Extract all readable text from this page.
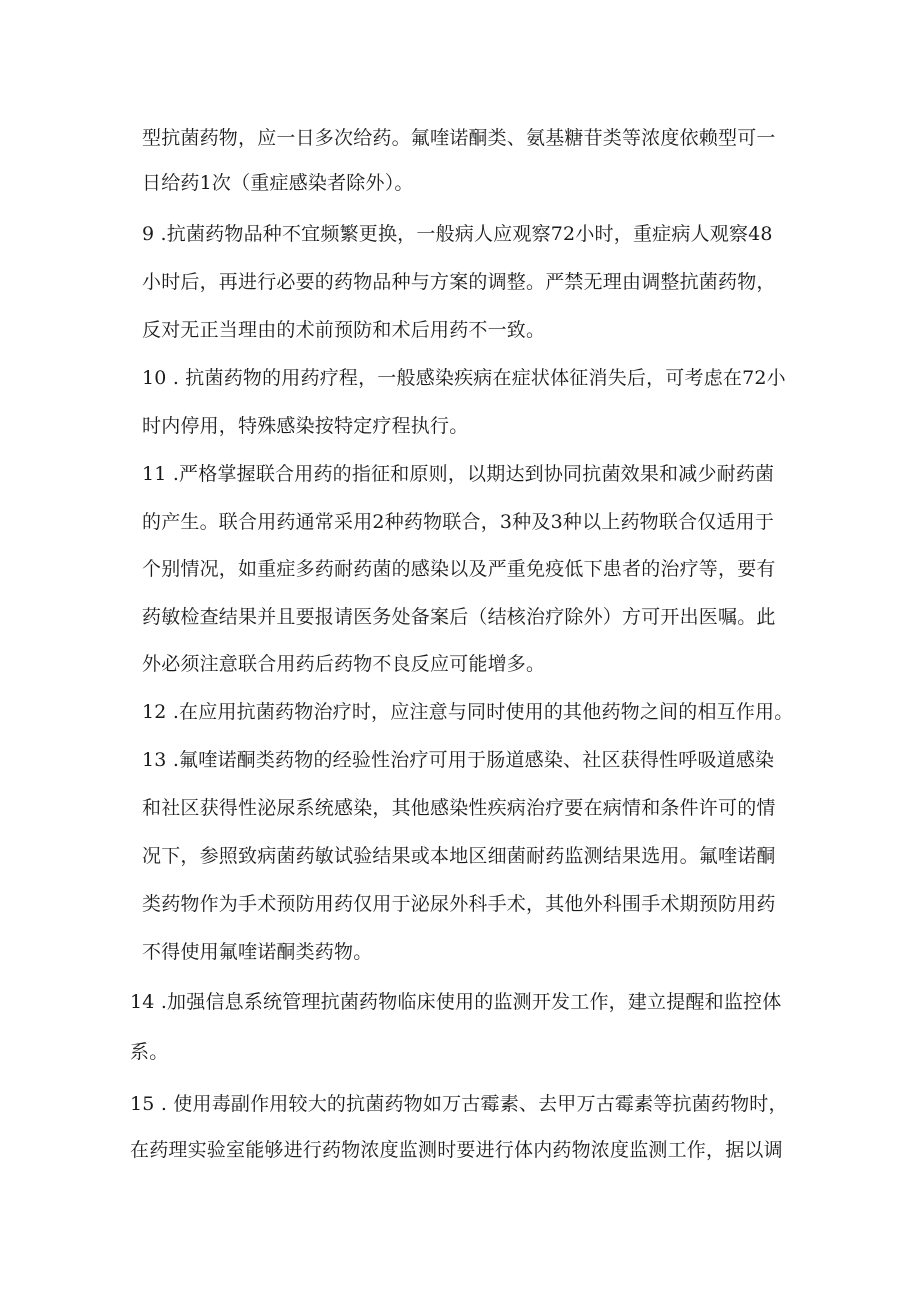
型抗菌药物，应一日多次给药。氟喹诺酮类、氨基糖苷类等浓度依赖型可一
日给药1次（重症感染者除外）。
9 .抗菌药物品种不宜频繁更换，一般病人应观察72小时，重症病人观察48
小时后，再进行必要的药物品种与方案的调整。严禁无理由调整抗菌药物，
反对无正当理由的术前预防和术后用药不一致。
10 . 抗菌药物的用药疗程，一般感染疾病在症状体征消失后，可考虑在72小
时内停用，特殊感染按特定疗程执行。
11 .严格掌握联合用药的指征和原则，以期达到协同抗菌效果和减少耐药菌
的产生。联合用药通常采用2种药物联合，3种及3种以上药物联合仅适用于
个别情况，如重症多药耐药菌的感染以及严重免疫低下患者的治疗等，要有
药敏检查结果并且要报请医务处备案后（结核治疗除外）方可开出医嘱。此
外必须注意联合用药后药物不良反应可能增多。
12 .在应用抗菌药物治疗时，应注意与同时使用的其他药物之间的相互作用。
13 .氟喹诺酮类药物的经验性治疗可用于肠道感染、社区获得性呼吸道感染
和社区获得性泌尿系统感染，其他感染性疾病治疗要在病情和条件许可的情
况下，参照致病菌药敏试验结果或本地区细菌耐药监测结果选用。氟喹诺酮
类药物作为手术预防用药仅用于泌尿外科手术，其他外科围手术期预防用药
不得使用氟喹诺酮类药物。
14 .加强信息系统管理抗菌药物临床使用的监测开发工作，建立提醒和监控体
系。
15 . 使用毒副作用较大的抗菌药物如万古霉素、去甲万古霉素等抗菌药物时，
在药理实验室能够进行药物浓度监测时要进行体内药物浓度监测工作，据以调
